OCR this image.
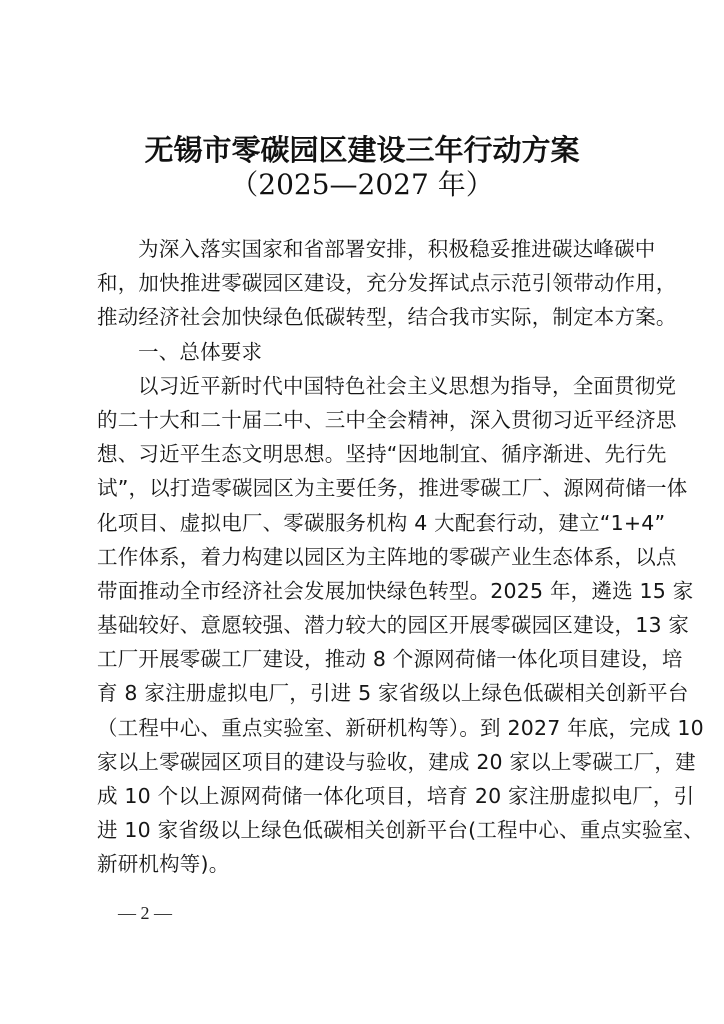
无锡市零碳园区建设三年行动方案
（2025—2027 年）
为深入落实国家和省部署安排，积极稳妥推进碳达峰碳中
和，加快推进零碳园区建设，充分发挥试点示范引领带动作用，
推动经济社会加快绿色低碳转型，结合我市实际，制定本方案。
一、总体要求
以习近平新时代中国特色社会主义思想为指导，全面贯彻党
的二十大和二十届二中、三中全会精神，深入贯彻习近平经济思
想、习近平生态文明思想。坚持“因地制宜、循序渐进、先行先
试”，以打造零碳园区为主要任务，推进零碳工厂、源网荷储一体
化项目、虚拟电厂、零碳服务机构 4 大配套行动，建立“1+4”
工作体系，着力构建以园区为主阵地的零碳产业生态体系，以点
带面推动全市经济社会发展加快绿色转型。2025 年，遴选 15 家
基础较好、意愿较强、潜力较大的园区开展零碳园区建设，13 家
工厂开展零碳工厂建设，推动 8 个源网荷储一体化项目建设，培
育 8 家注册虚拟电厂，引进 5 家省级以上绿色低碳相关创新平台
（工程中心、重点实验室、新研机构等）。到 2027 年底，完成 10
家以上零碳园区项目的建设与验收，建成 20 家以上零碳工厂，建
成 10 个以上源网荷储一体化项目，培育 20 家注册虚拟电厂，引
进 10 家省级以上绿色低碳相关创新平台(工程中心、重点实验室、
新研机构等)。
— 2 —
